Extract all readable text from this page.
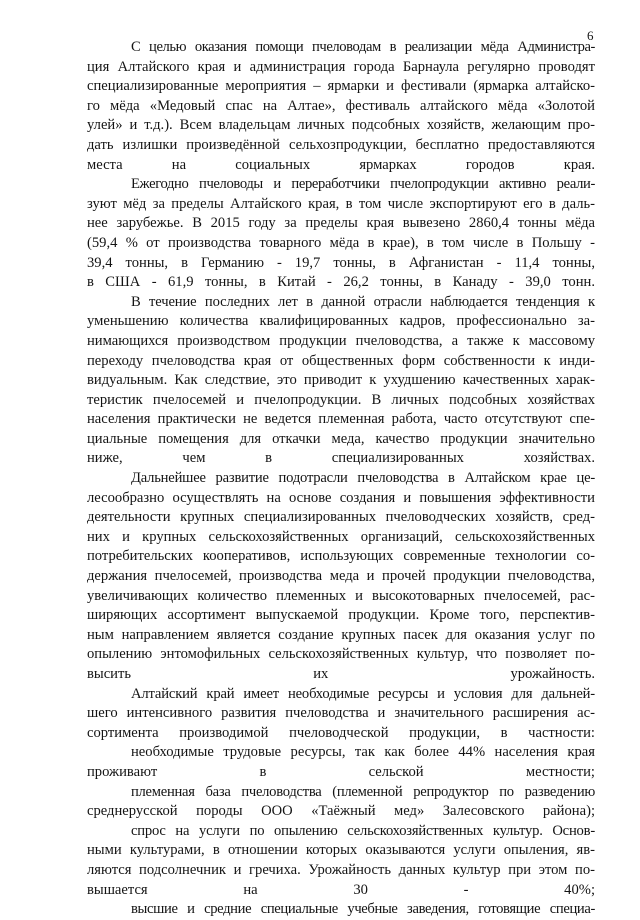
6

С целью оказания помощи пчеловодам в реализации мёда Администра-
ция Алтайского края и администрация города Барнаула регулярно проводят
специализированные мероприятия – ярмарки и фестивали (ярмарка алтайско-
го мёда «Медовый спас на Алтае», фестиваль алтайского мёда «Золотой
улей» и т.д.). Всем владельцам личных подсобных хозяйств, желающим про-
дать излишки произведённой сельхозпродукции, бесплатно предоставляются
места на социальных ярмарках городов края.

Ежегодно пчеловоды и переработчики пчелопродукции активно реали-
зуют мёд за пределы Алтайского края, в том числе экспортируют его в даль-
нее зарубежье. В 2015 году за пределы края вывезено 2860,4 тонны мёда
(59,4 % от производства товарного мёда в крае), в том числе в Польшу -
39,4 тонны, в Германию - 19,7 тонны, в Афганистан - 11,4 тонны,
в США - 61,9 тонны, в Китай - 26,2 тонны, в Канаду - 39,0 тонн.

В течение последних лет в данной отрасли наблюдается тенденция к
уменьшению количества квалифицированных кадров, профессионально за-
нимающихся производством продукции пчеловодства, а также к массовому
переходу пчеловодства края от общественных форм собственности к инди-
видуальным. Как следствие, это приводит к ухудшению качественных харак-
теристик пчелосемей и пчелопродукции. В личных подсобных хозяйствах
населения практически не ведется племенная работа, часто отсутствуют спе-
циальные помещения для откачки меда, качество продукции значительно
ниже, чем в специализированных хозяйствах.

Дальнейшее развитие подотрасли пчеловодства в Алтайском крае це-
лесообразно осуществлять на основе создания и повышения эффективности
деятельности крупных специализированных пчеловодческих хозяйств, сред-
них и крупных сельскохозяйственных организаций, сельскохозяйственных
потребительских кооперативов, использующих современные технологии со-
держания пчелосемей, производства меда и прочей продукции пчеловодства,
увеличивающих количество племенных и высокотоварных пчелосемей, рас-
ширяющих ассортимент выпускаемой продукции. Кроме того, перспектив-
ным направлением является создание крупных пасек для оказания услуг по
опылению энтомофильных сельскохозяйственных культур, что позволяет по-
высить их урожайность.

Алтайский край имеет необходимые ресурсы и условия для дальней-
шего интенсивного развития пчеловодства и значительного расширения ас-
сортимента производимой пчеловодческой продукции, в частности:

необходимые трудовые ресурсы, так как более 44% населения края
проживают в сельской местности;

племенная база пчеловодства (племенной репродуктор по разведению
среднерусской породы ООО «Таёжный мед» Залесовского района);

спрос на услуги по опылению сельскохозяйственных культур. Основ-
ными культурами, в отношении которых оказываются услуги опыления, яв-
ляются подсолнечник и гречиха. Урожайность данных культур при этом по-
вышается на 30 - 40%;

высшие и средние специальные учебные заведения, готовящие специа-
